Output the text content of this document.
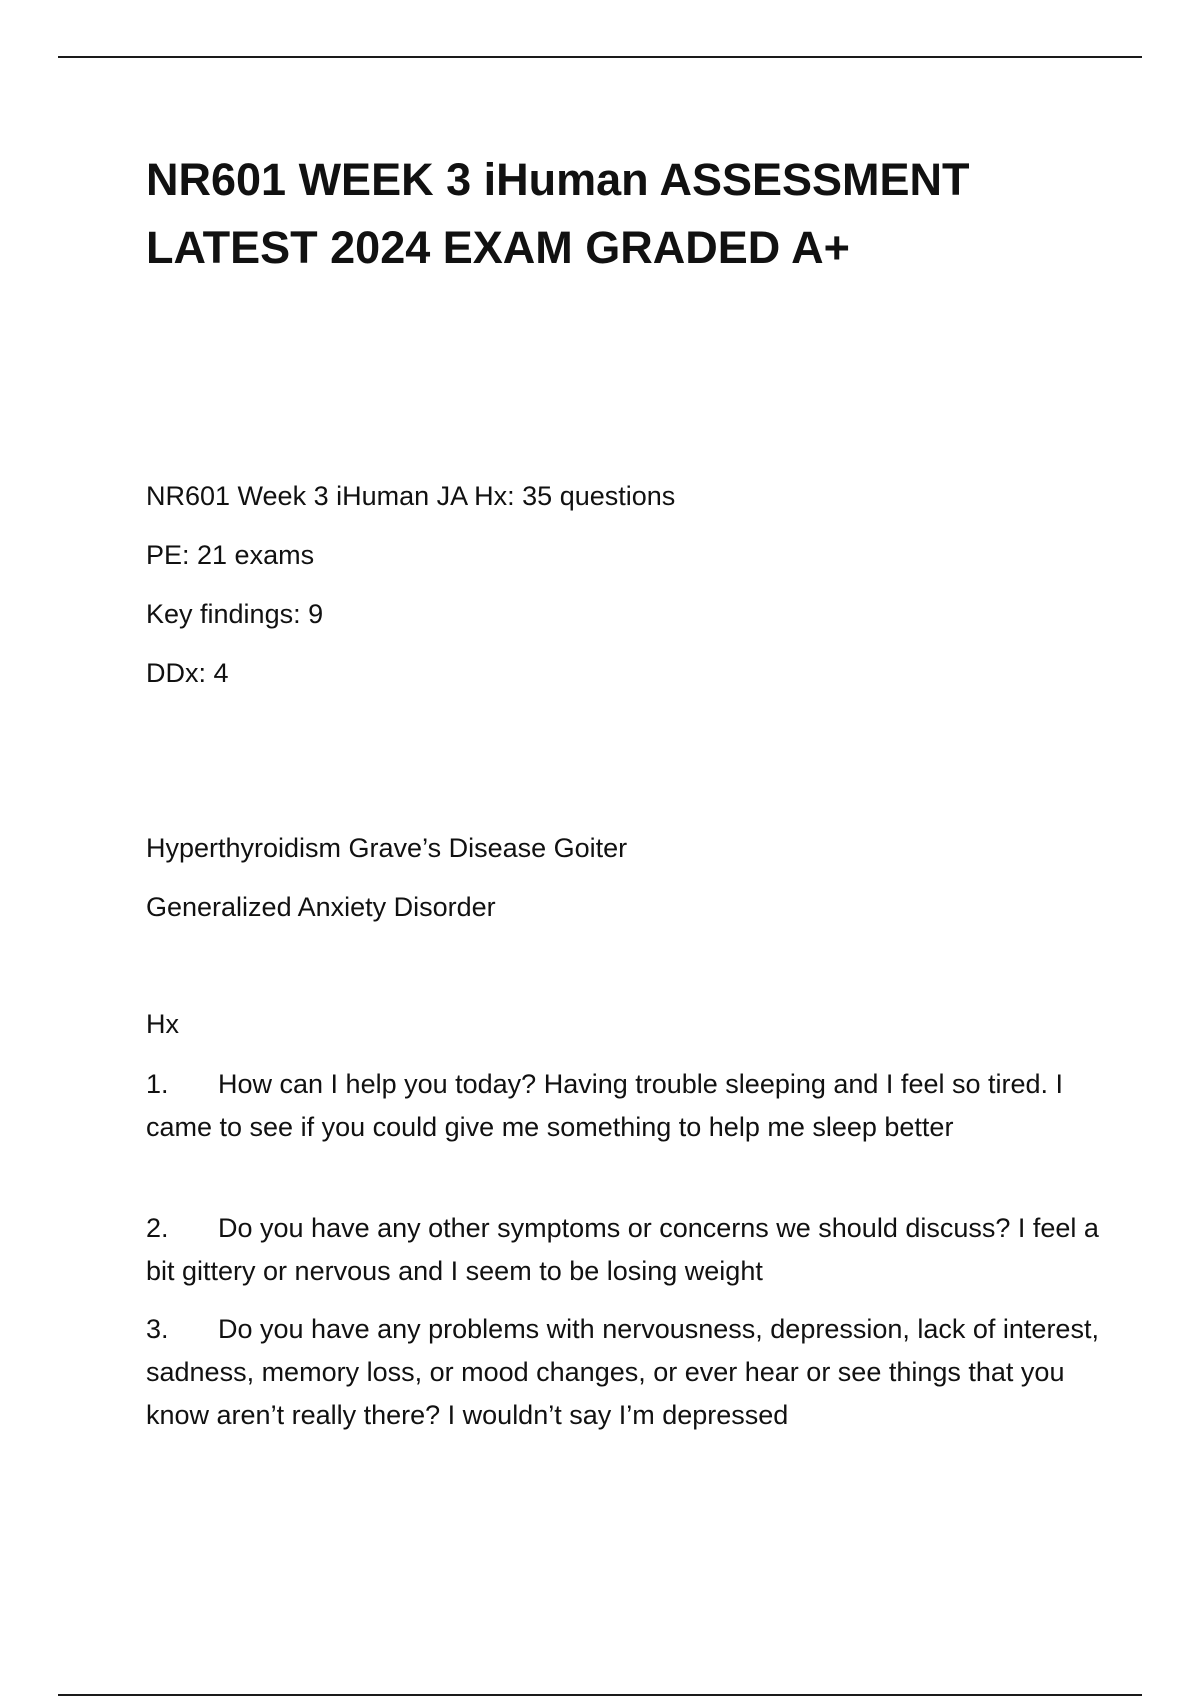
NR601 WEEK 3 iHuman ASSESSMENT
LATEST 2024 EXAM GRADED A+

NR601 Week 3 iHuman JA Hx: 35 questions

PE: 21 exams

Key findings: 9

DDx: 4

Hyperthyroidism Grave’s Disease Goiter

Generalized Anxiety Disorder

Hx

1. How can I help you today? Having trouble sleeping and I feel so tired. I came to see if you could give me something to help me sleep better

2. Do you have any other symptoms or concerns we should discuss? I feel a bit gittery or nervous and I seem to be losing weight

3. Do you have any problems with nervousness, depression, lack of interest, sadness, memory loss, or mood changes, or ever hear or see things that you know aren’t really there? I wouldn’t say I’m depressed
